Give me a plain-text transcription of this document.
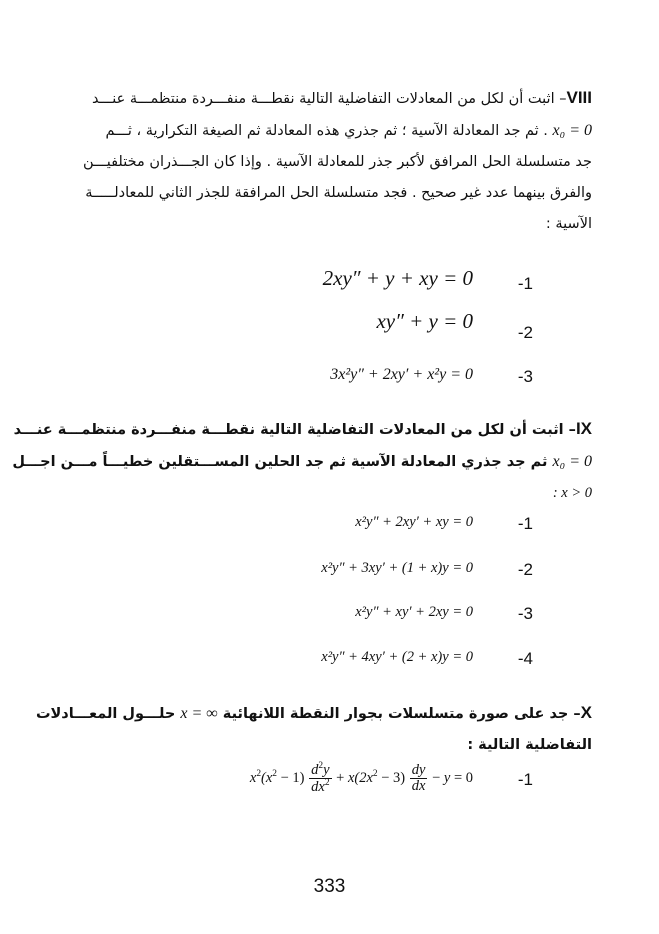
VIII– اثبت أن لكل من المعادلات التفاضلية التالية نقطـــة منفـــردة منتظمـــة عنـــد

x₀ = 0 . ثم جد المعادلة الآسية ؛ ثم جذري هذه المعادلة ثم الصيغة التكرارية ، ثـــم

جد متسلسلة الحل المرافق لأكبر جذر للمعادلة الآسية . وإذا كان الجـــذران مختلفيـــن

والفرق بينهما عدد غير صحيح . فجد متسلسلة الحل المرافقة للجذر الثاني للمعادلـــــة

الآسية :

2xy″ + y + xy = 0	-1
xy″ + y = 0	-2
3x²y″ + 2xy′ + x²y = 0	-3

IX– اثبت أن لكل من المعادلات التفاضلية التالية نقطـــة منفـــردة منتظمـــة عنـــد

x₀ = 0 ثم جد جذري المعادلة الآسية ثم جد الحلين المســـتقلين خطيـــاً مـــن اجـــل

: x > 0

x²y″ + 2xy′ + xy = 0	-1
x²y″ + 3xy′ + (1 + x)y = 0	-2
x²y″ + xy′ + 2xy = 0	-3
x²y″ + 4xy′ + (2 + x)y = 0	-4

X– جد على صورة متسلسلات بجوار النقطة اللانهائية x = ∞ حلـــول المعـــادلات

التفاضلية التالية :

$x^2(x^2 - 1) \frac{d^2y}{dx^2} + x(2x^2 - 3) \frac{dy}{dx} - y = 0$	-1
333
